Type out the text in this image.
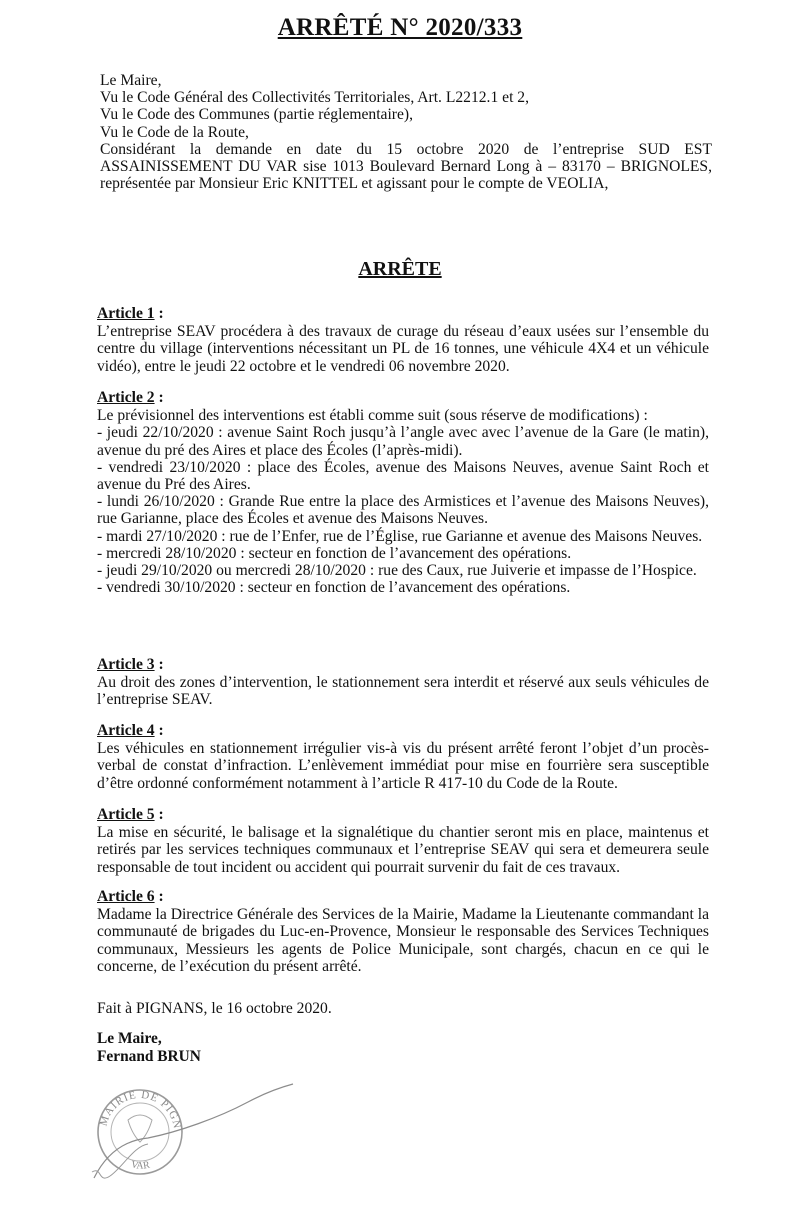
ARRÊTÉ N° 2020/333

Le Maire,

Vu le Code Général des Collectivités Territoriales, Art. L2212.1 et 2,

Vu le Code des Communes (partie réglementaire),

Vu le Code de la Route,

Considérant la demande en date du 15 octobre 2020 de l’entreprise SUD EST ASSAINISSEMENT DU VAR sise 1013 Boulevard Bernard Long à – 83170 – BRIGNOLES, représentée par Monsieur Eric KNITTEL et agissant pour le compte de VEOLIA,

ARRÊTE
Article 1 :

L’entreprise SEAV procédera à des travaux de curage du réseau d’eaux usées sur l’ensemble du centre du village (interventions nécessitant un PL de 16 tonnes, une véhicule 4X4 et un véhicule vidéo), entre le jeudi 22 octobre et le vendredi 06 novembre 2020.

Article 2 :

Le prévisionnel des interventions est établi comme suit (sous réserve de modifications) :

- jeudi 22/10/2020 : avenue Saint Roch jusqu’à l’angle avec avec l’avenue de la Gare (le matin), avenue du pré des Aires et place des Écoles (l’après-midi).

- vendredi 23/10/2020 : place des Écoles, avenue des Maisons Neuves, avenue Saint Roch et avenue du Pré des Aires.

- lundi 26/10/2020 : Grande Rue entre la place des Armistices et l’avenue des Maisons Neuves), rue Garianne, place des Écoles et avenue des Maisons Neuves.

- mardi 27/10/2020 : rue de l’Enfer, rue de l’Église, rue Garianne et avenue des Maisons Neuves.

- mercredi 28/10/2020 : secteur en fonction de l’avancement des opérations.

- jeudi 29/10/2020 ou mercredi 28/10/2020 : rue des Caux, rue Juiverie et impasse de l’Hospice.

- vendredi 30/10/2020 : secteur en fonction de l’avancement des opérations.

Article 3 :

Au droit des zones d’intervention, le stationnement sera interdit et réservé aux seuls véhicules de l’entreprise SEAV.

Article 4 :

Les véhicules en stationnement irrégulier vis-à vis du présent arrêté feront l’objet d’un procès-verbal de constat d’infraction. L’enlèvement immédiat pour mise en fourrière sera susceptible d’être ordonné conformément notamment à l’article R 417-10 du Code de la Route.

Article 5 :

La mise en sécurité, le balisage et la signalétique du chantier seront mis en place, maintenus et retirés par les services techniques communaux et l’entreprise SEAV qui sera et demeurera seule responsable de tout incident ou accident qui pourrait survenir du fait de ces travaux.

Article 6 :

Madame la Directrice Générale des Services de la Mairie, Madame la Lieutenante commandant la communauté de brigades du Luc-en-Provence, Monsieur le responsable des Services Techniques communaux, Messieurs les agents de Police Municipale, sont chargés, chacun en ce qui le concerne, de l’exécution du présent arrêté.

Fait à PIGNANS, le 16 octobre 2020.
Le Maire,
Fernand BRUN
MAIRIE DE PIGN
VAR
